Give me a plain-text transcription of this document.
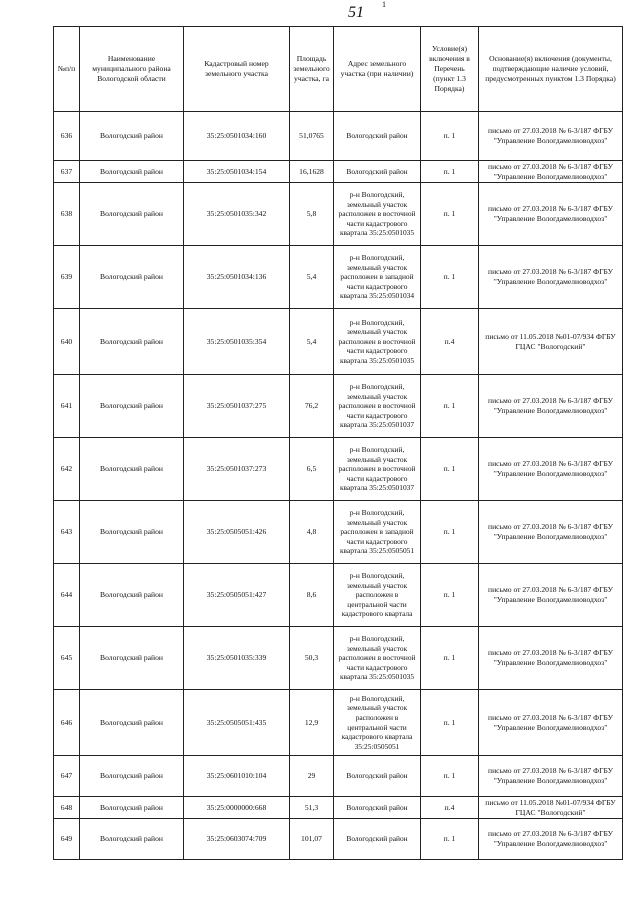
1
51
№п/п	Наименование муниципального района Вологодской области	Кадастровый номер земельного участка	Площадь земельного участка, га	Адрес земельного участка (при наличии)	Условие(я) включения в Перечень (пункт 1.3 Порядка)	Основание(я) включения (документы, подтверждающие наличие условий, предусмотренных пунктом 1.3 Порядка)
636	Вологодский район	35:25:0501034:160	51,0765	Вологодский район	п. 1	письмо от 27.03.2018 № 6-3/187 ФГБУ "Управление Вологдамелиоводхоз"
637	Вологодский район	35:25:0501034:154	16,1628	Вологодский район	п. 1	письмо от 27.03.2018 № 6-3/187 ФГБУ "Управление Вологдамелиоводхоз"
638	Вологодский район	35:25:0501035:342	5,8	р-н Вологодский, земельный участок расположен в восточной части кадастрового квартала 35:25:0501035	п. 1	письмо от 27.03.2018 № 6-3/187 ФГБУ "Управление Вологдамелиоводхоз"
639	Вологодский район	35:25:0501034:136	5,4	р-н Вологодский, земельный участок расположен в западной части кадастрового квартала 35:25:0501034	п. 1	письмо от 27.03.2018 № 6-3/187 ФГБУ "Управление Вологдамелиоводхоз"
640	Вологодский район	35:25:0501035:354	5,4	р-н Вологодский, земельный участок расположен в восточной части кадастрового квартала 35:25:0501035	п.4	письмо от 11.05.2018 №01-07/934 ФГБУ ГЦАС "Вологодский"
641	Вологодский район	35:25:0501037:275	76,2	р-н Вологодский, земельный участок расположен в восточной части кадастрового квартала 35:25:0501037	п. 1	письмо от 27.03.2018 № 6-3/187 ФГБУ "Управление Вологдамелиоводхоз"
642	Вологодский район	35:25:0501037:273	6,5	р-н Вологодский, земельный участок расположен в восточной части кадастрового квартала 35:25:0501037	п. 1	письмо от 27.03.2018 № 6-3/187 ФГБУ "Управление Вологдамелиоводхоз"
643	Вологодский район	35:25:0505051:426	4,8	р-н Вологодский, земельный участок расположен в западной части кадастрового квартала 35:25:0505051	п. 1	письмо от 27.03.2018 № 6-3/187 ФГБУ "Управление Вологдамелиоводхоз"
644	Вологодский район	35:25:0505051:427	8,6	р-н Вологодский, земельный участок расположен в центральной части кадастрового квартала	п. 1	письмо от 27.03.2018 № 6-3/187 ФГБУ "Управление Вологдамелиоводхоз"
645	Вологодский район	35:25:0501035:339	50,3	р-н Вологодский, земельный участок расположен в восточной части кадастрового квартала 35:25:0501035	п. 1	письмо от 27.03.2018 № 6-3/187 ФГБУ "Управление Вологдамелиоводхоз"
646	Вологодский район	35:25:0505051:435	12,9	р-н Вологодский, земельный участок расположен в центральной части кадастрового квартала 35:25:0505051	п. 1	письмо от 27.03.2018 № 6-3/187 ФГБУ "Управление Вологдамелиоводхоз"
647	Вологодский район	35:25:0601010:104	29	Вологодский район	п. 1	письмо от 27.03.2018 № 6-3/187 ФГБУ "Управление Вологдамелиоводхоз"
648	Вологодский район	35:25:0000000:668	51,3	Вологодский район	п.4	письмо от 11.05.2018 №01-07/934 ФГБУ ГЦАС "Вологодский"
649	Вологодский район	35:25:0603074:709	101,07	Вологодский район	п. 1	письмо от 27.03.2018 № 6-3/187 ФГБУ "Управление Вологдамелиоводхоз"
